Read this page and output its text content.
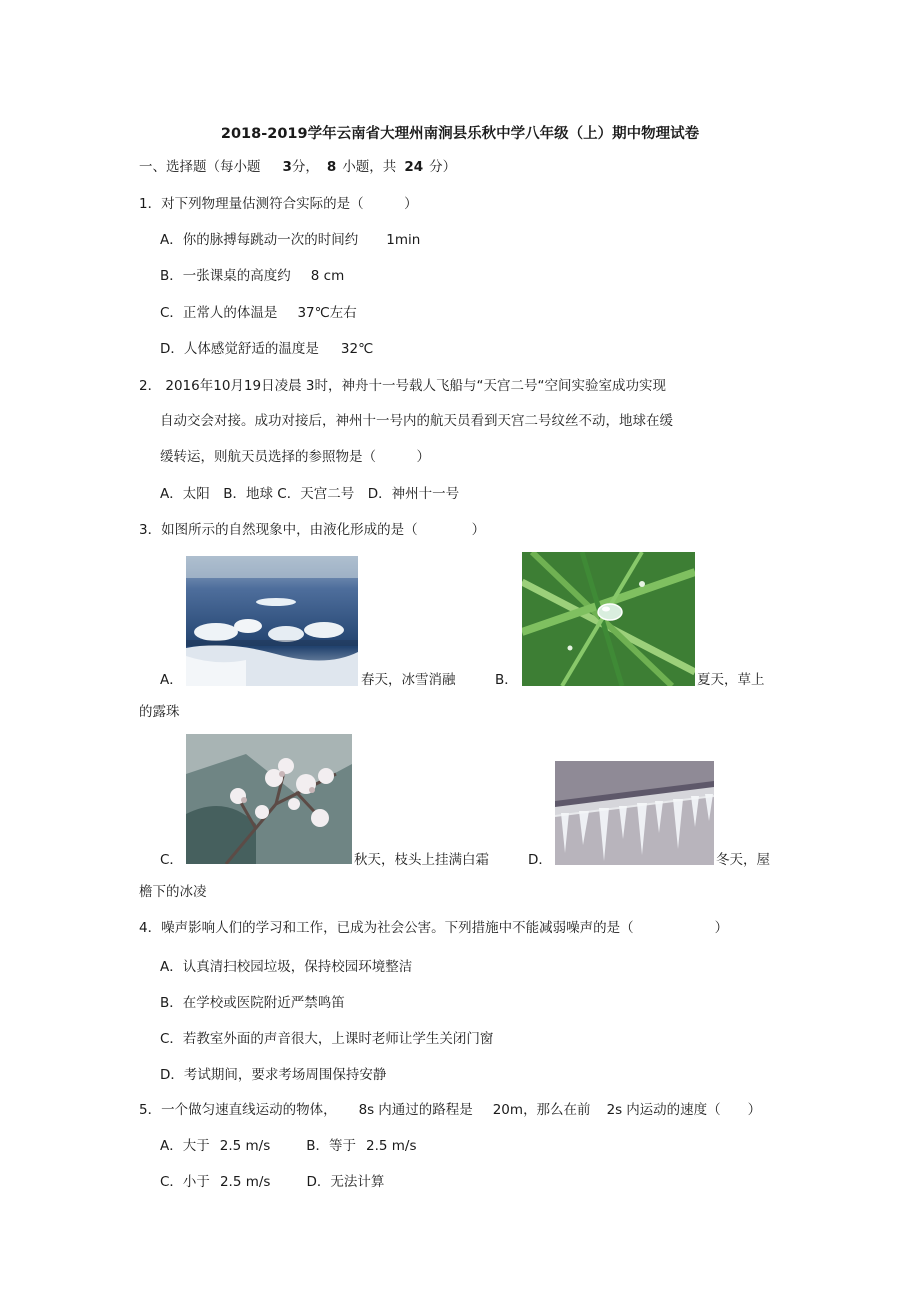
2018-2019学年云南省大理州南涧县乐秋中学八年级（上）期中物理试卷
一、选择题（每小题 3分， 8 小题，共 24 分）
1．对下列物理量估测符合实际的是（　　　）
A．你的脉搏每跳动一次的时间约 1min
B．一张课桌的高度约 8 cm
C．正常人的体温是 37℃左右
D．人体感觉舒适的温度是 32℃
2． 2016年10月19日凌晨 3时，神舟十一号载人飞船与“天宫二号“空间实验室成功实现
自动交会对接。成功对接后，神州十一号内的航天员看到天宫二号纹丝不动，地球在缓
缓转运，则航天员选择的参照物是（　　　）
A．太阳　B．地球 C．天宫二号　D．神州十一号
3．如图所示的自然现象中，由液化形成的是（　　　　）
A．	春天，冰雪消融	B．	夏天，草上
的露珠
C．	秋天，枝头上挂满白霜	D．	冬天，屋
檐下的冰凌
4．噪声影响人们的学习和工作，已成为社会公害。下列措施中不能减弱噪声的是（　　　　　　）
A．认真清扫校园垃圾，保持校园环境整洁
B．在学校或医院附近严禁鸣笛
C．若教室外面的声音很大，上课时老师让学生关闭门窗
D．考试期间，要求考场周围保持安静
5．一个做匀速直线运动的物体， 8s 内通过的路程是 20m，那么在前 2s 内运动的速度（　　）
A．大于 2.5 m/s	B．等于 2.5 m/s
C．小于 2.5 m/s	D．无法计算
